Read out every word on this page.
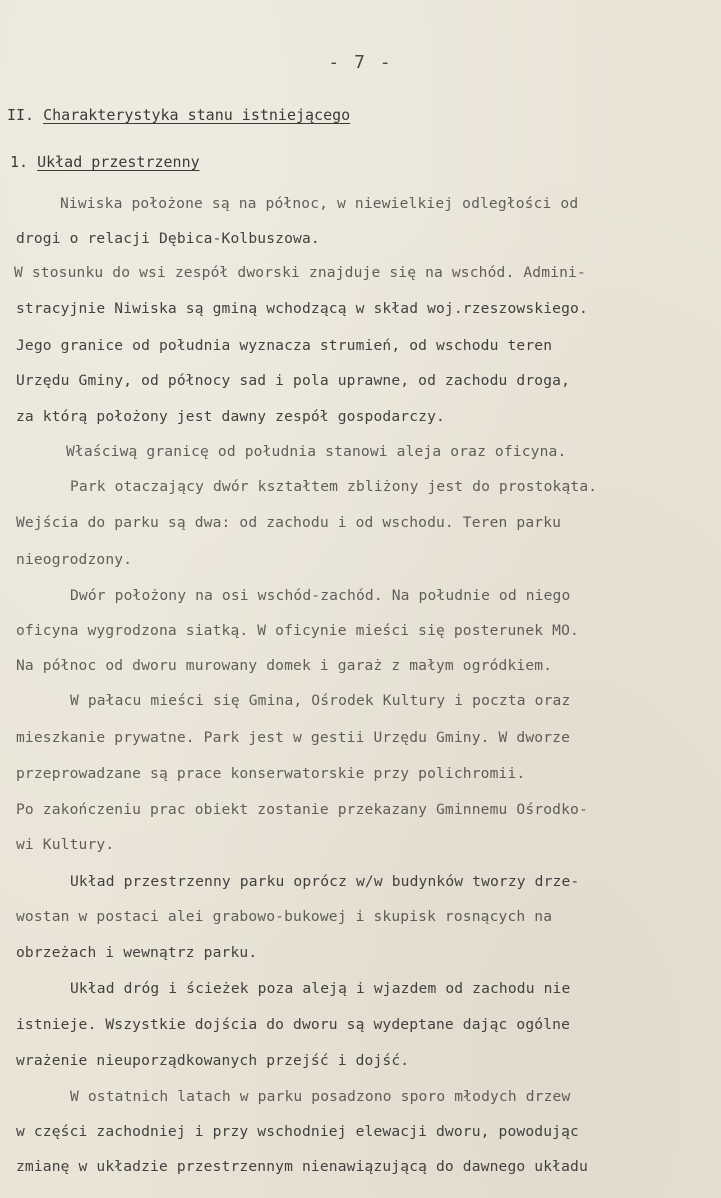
- 7 -
II. Charakterystyka stanu istniejącego
1. Układ przestrzenny
Niwiska położone są na północ, w niewielkiej odległości od
drogi o relacji Dębica-Kolbuszowa.
W stosunku do wsi zespół dworski znajduje się na wschód. Admini-
stracyjnie Niwiska są gminą wchodzącą w skład woj.rzeszowskiego.
Jego granice od południa wyznacza strumień, od wschodu teren
Urzędu Gminy, od północy sad i pola uprawne, od zachodu droga,
za którą położony jest dawny zespół gospodarczy.
Właściwą granicę od południa stanowi aleja oraz oficyna.
Park otaczający dwór kształtem zbliżony jest do prostokąta.
Wejścia do parku są dwa: od zachodu i od wschodu. Teren parku
nieogrodzony.
Dwór położony na osi wschód-zachód. Na południe od niego
oficyna wygrodzona siatką. W oficynie mieści się posterunek MO.
Na północ od dworu murowany domek i garaż z małym ogródkiem.
W pałacu mieści się Gmina, Ośrodek Kultury i poczta oraz
mieszkanie prywatne. Park jest w gestii Urzędu Gminy. W dworze
przeprowadzane są prace konserwatorskie przy polichromii.
Po zakończeniu prac obiekt zostanie przekazany Gminnemu Ośrodko-
wi Kultury.
Układ przestrzenny parku oprócz w/w budynków tworzy drze-
wostan w postaci alei grabowo-bukowej i skupisk rosnących na
obrzeżach i wewnątrz parku.
Układ dróg i ścieżek poza aleją i wjazdem od zachodu nie
istnieje. Wszystkie dojścia do dworu są wydeptane dając ogólne
wrażenie nieuporządkowanych przejść i dojść.
W ostatnich latach w parku posadzono sporo młodych drzew
w części zachodniej i przy wschodniej elewacji dworu, powodując
zmianę w układzie przestrzennym nienawiązującą do dawnego układu
